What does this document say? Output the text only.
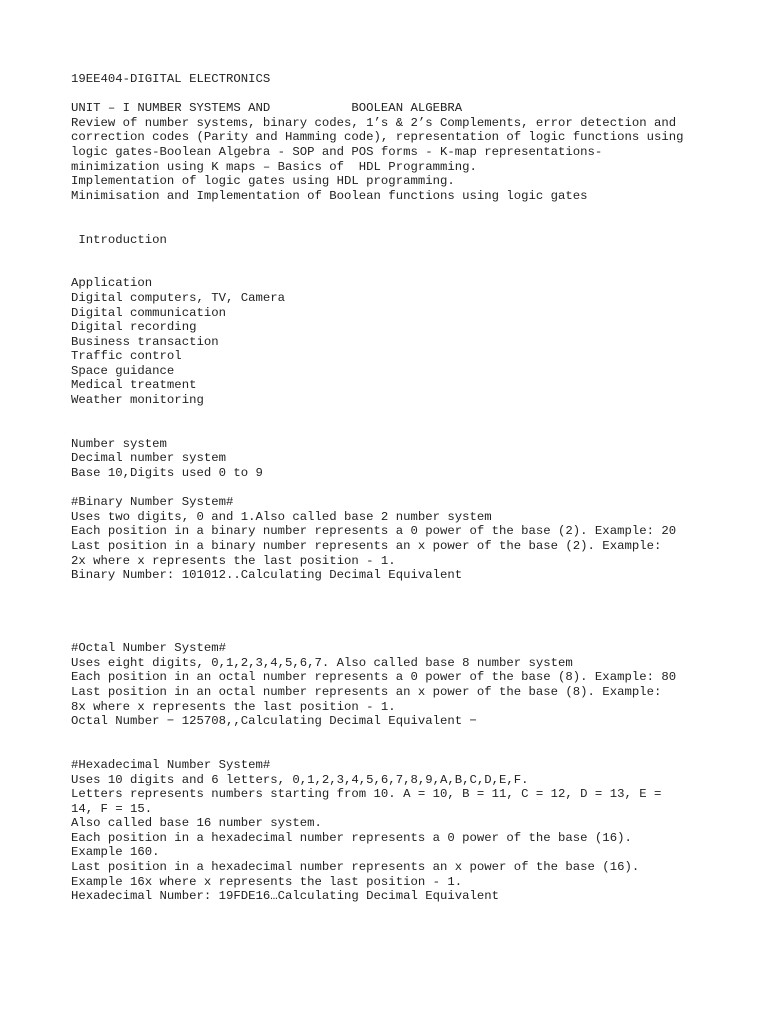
19EE404-DIGITAL ELECTRONICS
UNIT – I NUMBER SYSTEMS AND           BOOLEAN ALGEBRA
Review of number systems, binary codes, 1’s & 2’s Complements, error detection and
correction codes (Parity and Hamming code), representation of logic functions using
logic gates-Boolean Algebra - SOP and POS forms - K-map representations-
minimization using K maps – Basics of  HDL Programming.
Implementation of logic gates using HDL programming.
Minimisation and Implementation of Boolean functions using logic gates
Introduction
Application
Digital computers, TV, Camera
Digital communication
Digital recording
Business transaction
Traffic control
Space guidance
Medical treatment
Weather monitoring
Number system
Decimal number system
Base 10,Digits used 0 to 9
#Binary Number System#
Uses two digits, 0 and 1.Also called base 2 number system
Each position in a binary number represents a 0 power of the base (2). Example: 20
Last position in a binary number represents an x power of the base (2). Example:
2x where x represents the last position - 1.
Binary Number: 101012..Calculating Decimal Equivalent
#Octal Number System#
Uses eight digits, 0,1,2,3,4,5,6,7. Also called base 8 number system
Each position in an octal number represents a 0 power of the base (8). Example: 80
Last position in an octal number represents an x power of the base (8). Example:
8x where x represents the last position - 1.
Octal Number − 125708,,Calculating Decimal Equivalent −
#Hexadecimal Number System#
Uses 10 digits and 6 letters, 0,1,2,3,4,5,6,7,8,9,A,B,C,D,E,F.
Letters represents numbers starting from 10. A = 10, B = 11, C = 12, D = 13, E =
14, F = 15.
Also called base 16 number system.
Each position in a hexadecimal number represents a 0 power of the base (16).
Example 160.
Last position in a hexadecimal number represents an x power of the base (16).
Example 16x where x represents the last position - 1.
Hexadecimal Number: 19FDE16…Calculating Decimal Equivalent
